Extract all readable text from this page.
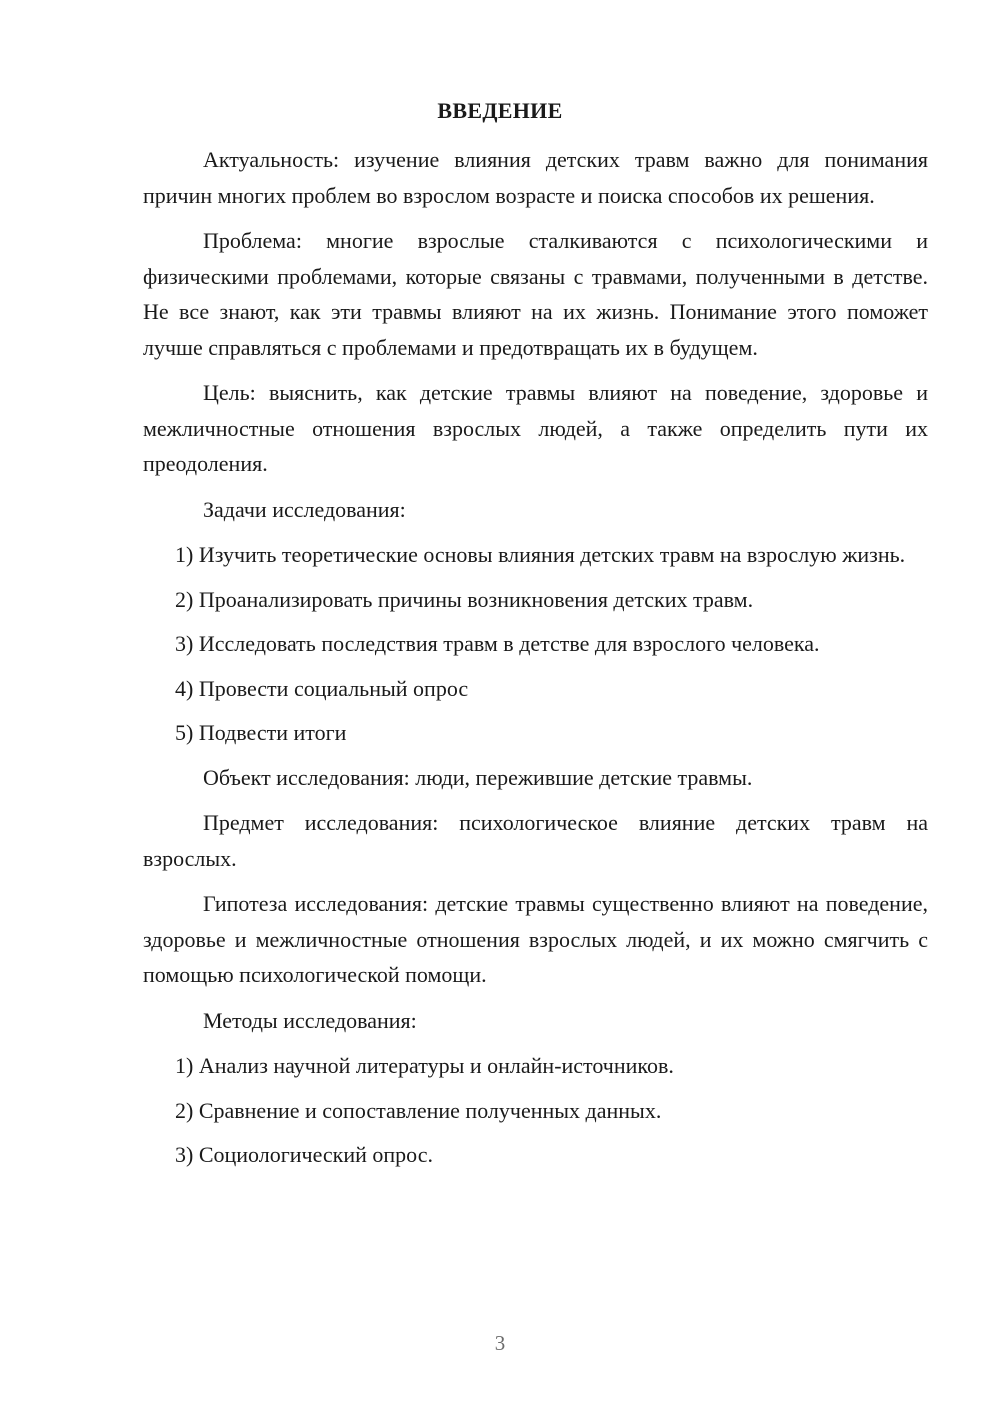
ВВЕДЕНИЕ

Актуальность: изучение влияния детских травм важно для понимания причин многих проблем во взрослом возрасте и поиска способов их решения.

Проблема: многие взрослые сталкиваются с психологическими и физическими проблемами, которые связаны с травмами, полученными в детстве. Не все знают, как эти травмы влияют на их жизнь. Понимание этого поможет лучше справляться с проблемами и предотвращать их в будущем.

Цель: выяснить, как детские травмы влияют на поведение, здоровье и межличностные отношения взрослых людей, а также определить пути их преодоления.

Задачи исследования:

1) Изучить теоретические основы влияния детских травм на взрослую жизнь.

2) Проанализировать причины возникновения детских травм.

3) Исследовать последствия травм в детстве для взрослого человека.

4) Провести социальный опрос

5) Подвести итоги

Объект исследования: люди, пережившие детские травмы.

Предмет исследования: психологическое влияние детских травм на взрослых.

Гипотеза исследования: детские травмы существенно влияют на поведение, здоровье и межличностные отношения взрослых людей, и их можно смягчить с помощью психологической помощи.

Методы исследования:

1) Анализ научной литературы и онлайн-источников.

2) Сравнение и сопоставление полученных данных.

3) Социологический опрос.

3
